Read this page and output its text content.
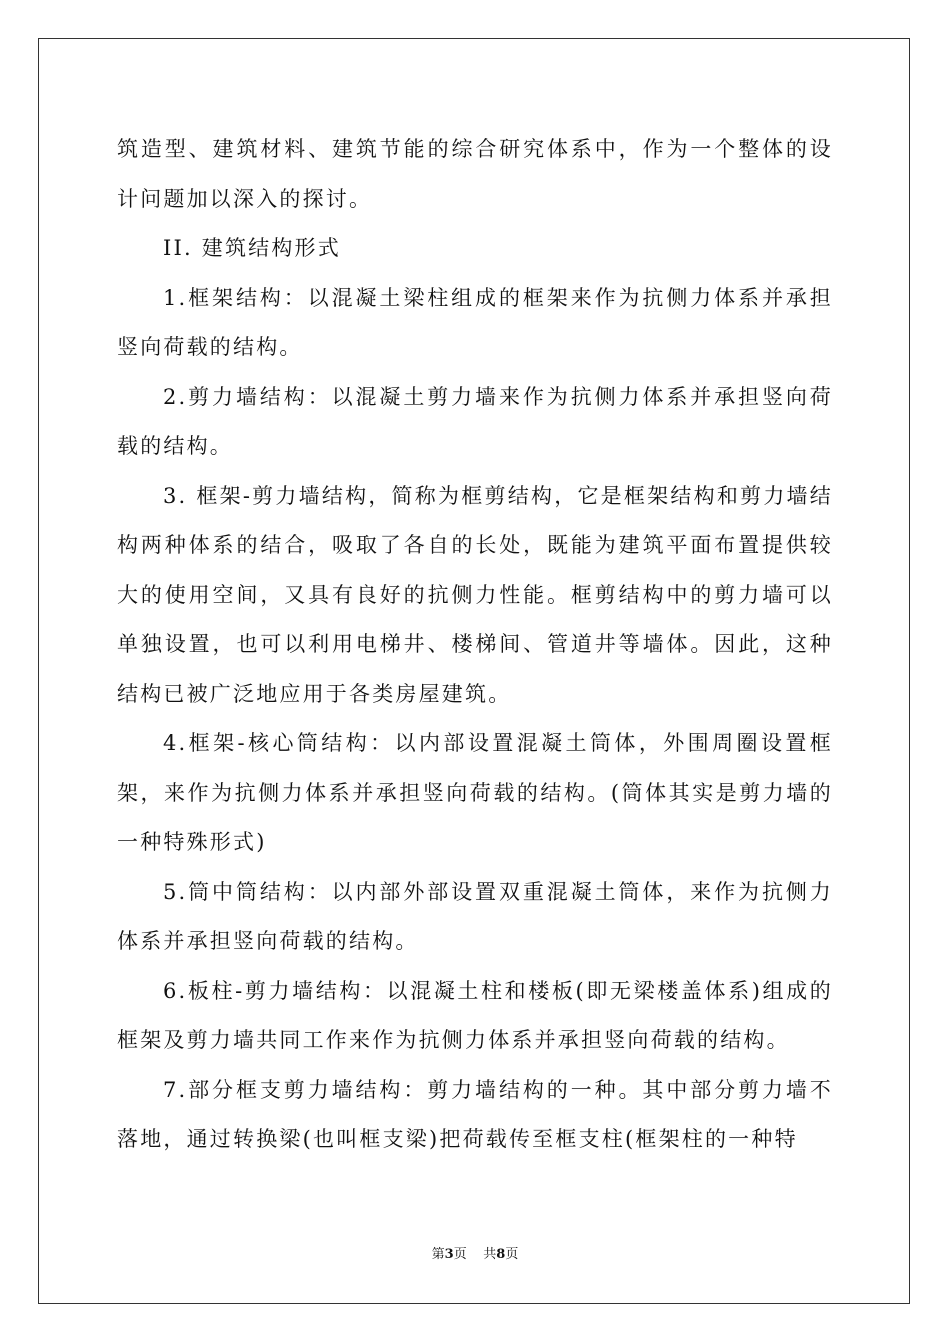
筑造型、建筑材料、建筑节能的综合研究体系中，作为一个整体的设计问题加以深入的探讨。

II. 建筑结构形式

1.框架结构：以混凝土梁柱组成的框架来作为抗侧力体系并承担竖向荷载的结构。

2.剪力墙结构：以混凝土剪力墙来作为抗侧力体系并承担竖向荷载的结构。

3. 框架-剪力墙结构，简称为框剪结构，它是框架结构和剪力墙结构两种体系的结合，吸取了各自的长处，既能为建筑平面布置提供较大的使用空间，又具有良好的抗侧力性能。框剪结构中的剪力墙可以单独设置，也可以利用电梯井、楼梯间、管道井等墙体。因此，这种结构已被广泛地应用于各类房屋建筑。

4.框架-核心筒结构：以内部设置混凝土筒体，外围周圈设置框架，来作为抗侧力体系并承担竖向荷载的结构。(筒体其实是剪力墙的一种特殊形式)

5.筒中筒结构：以内部外部设置双重混凝土筒体，来作为抗侧力体系并承担竖向荷载的结构。

6.板柱-剪力墙结构：以混凝土柱和楼板(即无梁楼盖体系)组成的框架及剪力墙共同工作来作为抗侧力体系并承担竖向荷载的结构。

7.部分框支剪力墙结构：剪力墙结构的一种。其中部分剪力墙不落地，通过转换梁(也叫框支梁)把荷载传至框支柱(框架柱的一种特

第3页 共8页
